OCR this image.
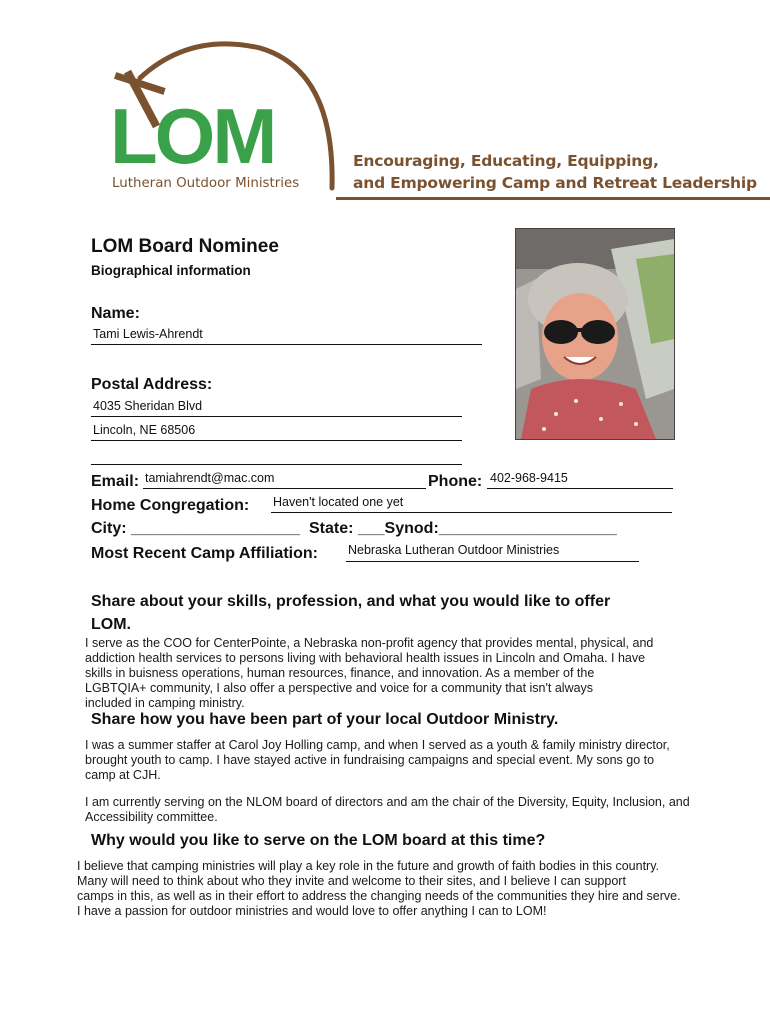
LOM
Lutheran Outdoor Ministries
Encouraging, Educating, Equipping,
and Empowering Camp and Retreat Leadership
LOM Board Nominee
Biographical information
Name:
Tami Lewis-Ahrendt
Postal Address:
4035 Sheridan Blvd
Lincoln, NE 68506
Email: tamiahrendt@mac.com	Phone: 402-968-9415
Home Congregation: Haven't located one yet
City: ___________________  State: ___Synod:____________________
Most Recent Camp Affiliation: Nebraska Lutheran Outdoor Ministries
Share about your skills, profession, and what you would like to offer
LOM.
I serve as the COO for CenterPointe, a Nebraska non-profit agency that provides mental, physical, and
addiction health services to persons living with behavioral health issues in Lincoln and Omaha. I have
skills in buisness operations, human resources, finance, and innovation. As a member of the
LGBTQIA+ community, I also offer a perspective and voice for a community that isn't always
included in camping ministry.
Share how you have been part of your local Outdoor Ministry.
I was a summer staffer at Carol Joy Holling camp, and when I served as a youth & family ministry director,
brought youth to camp. I have stayed active in fundraising campaigns and special event. My sons go to
camp at CJH.
I am currently serving on the NLOM board of directors and am the chair of the Diversity, Equity, Inclusion, and
Accessibility committee.
Why would you like to serve on the LOM board at this time?
I believe that camping ministries will play a key role in the future and growth of faith bodies in this country.
Many will need to think about who they invite and welcome to their sites, and I believe I can support
camps in this, as well as in their effort to address the changing needs of the communities they hire and serve.
I have a passion for outdoor ministries and would love to offer anything I can to LOM!
